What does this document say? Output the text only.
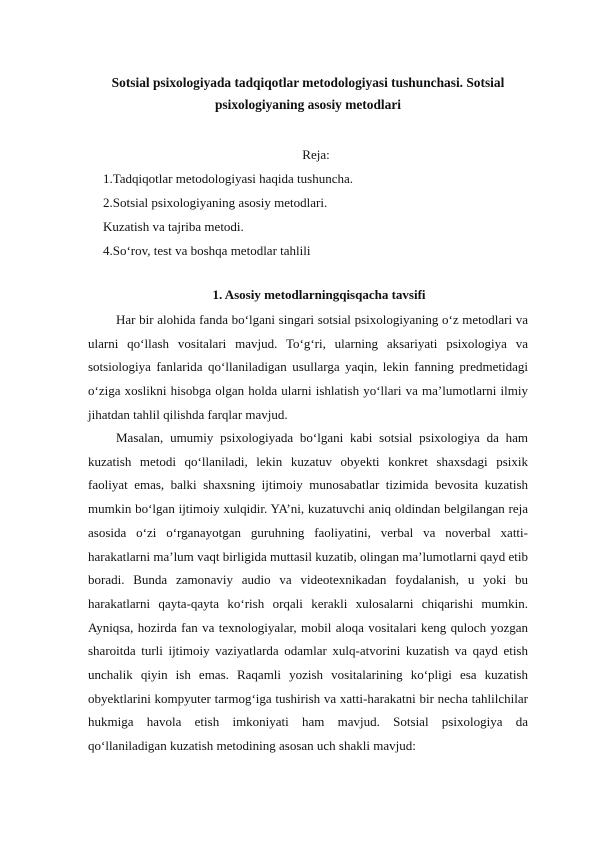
Sotsial psixologiyada tadqiqotlar metodologiyasi tushunchasi. Sotsial psixologiyaning asosiy metodlari
Reja:
1.Tadqiqotlar metodologiyasi haqida tushuncha.
2.Sotsial psixologiyaning asosiy metodlari.
Kuzatish va tajriba metodi.
4.So‘rov, test va boshqa metodlar tahlili
1. Asosiy metodlarningqisqacha tavsifi

Har bir alohida fanda bo‘lgani singari sotsial psixologiyaning o‘z metodlari va ularni qo‘llash vositalari mavjud. To‘g‘ri, ularning aksariyati psixologiya va sotsiologiya fanlarida qo‘llaniladigan usullarga yaqin, lekin fanning predmetidagi o‘ziga xoslikni hisobga olgan holda ularni ishlatish yo‘llari va ma’lumotlarni ilmiy jihatdan tahlil qilishda farqlar mavjud.

Masalan, umumiy psixologiyada bo‘lgani kabi sotsial psixologiya da ham kuzatish metodi qo‘llaniladi, lekin kuzatuv obyekti konkret shaxsdagi psixik faoliyat emas, balki shaxsning ijtimoiy munosabatlar tizimida bevosita kuzatish mumkin bo‘lgan ijtimoiy xulqidir. YA’ni, kuzatuvchi aniq oldindan belgilangan reja asosida o‘zi o‘rganayotgan guruhning faoliyatini, verbal va noverbal xatti-harakatlarni ma’lum vaqt birligida muttasil kuzatib, olingan ma’lumotlarni qayd etib boradi. Bunda zamonaviy audio va videotexnikadan foydalanish, u yoki bu harakatlarni qayta-qayta ko‘rish orqali kerakli xulosalarni chiqarishi mumkin. Ayniqsa, hozirda fan va texnologiyalar, mobil aloqa vositalari keng quloch yozgan sharoitda turli ijtimoiy vaziyatlarda odamlar xulq-atvorini kuzatish va qayd etish unchalik qiyin ish emas. Raqamli yozish vositalarining ko‘pligi esa kuzatish obyektlarini kompyuter tarmog‘iga tushirish va xatti-harakatni bir necha tahlilchilar hukmiga havola etish imkoniyati ham mavjud. Sotsial psixologiya da qo‘llaniladigan kuzatish metodining asosan uch shakli mavjud:
